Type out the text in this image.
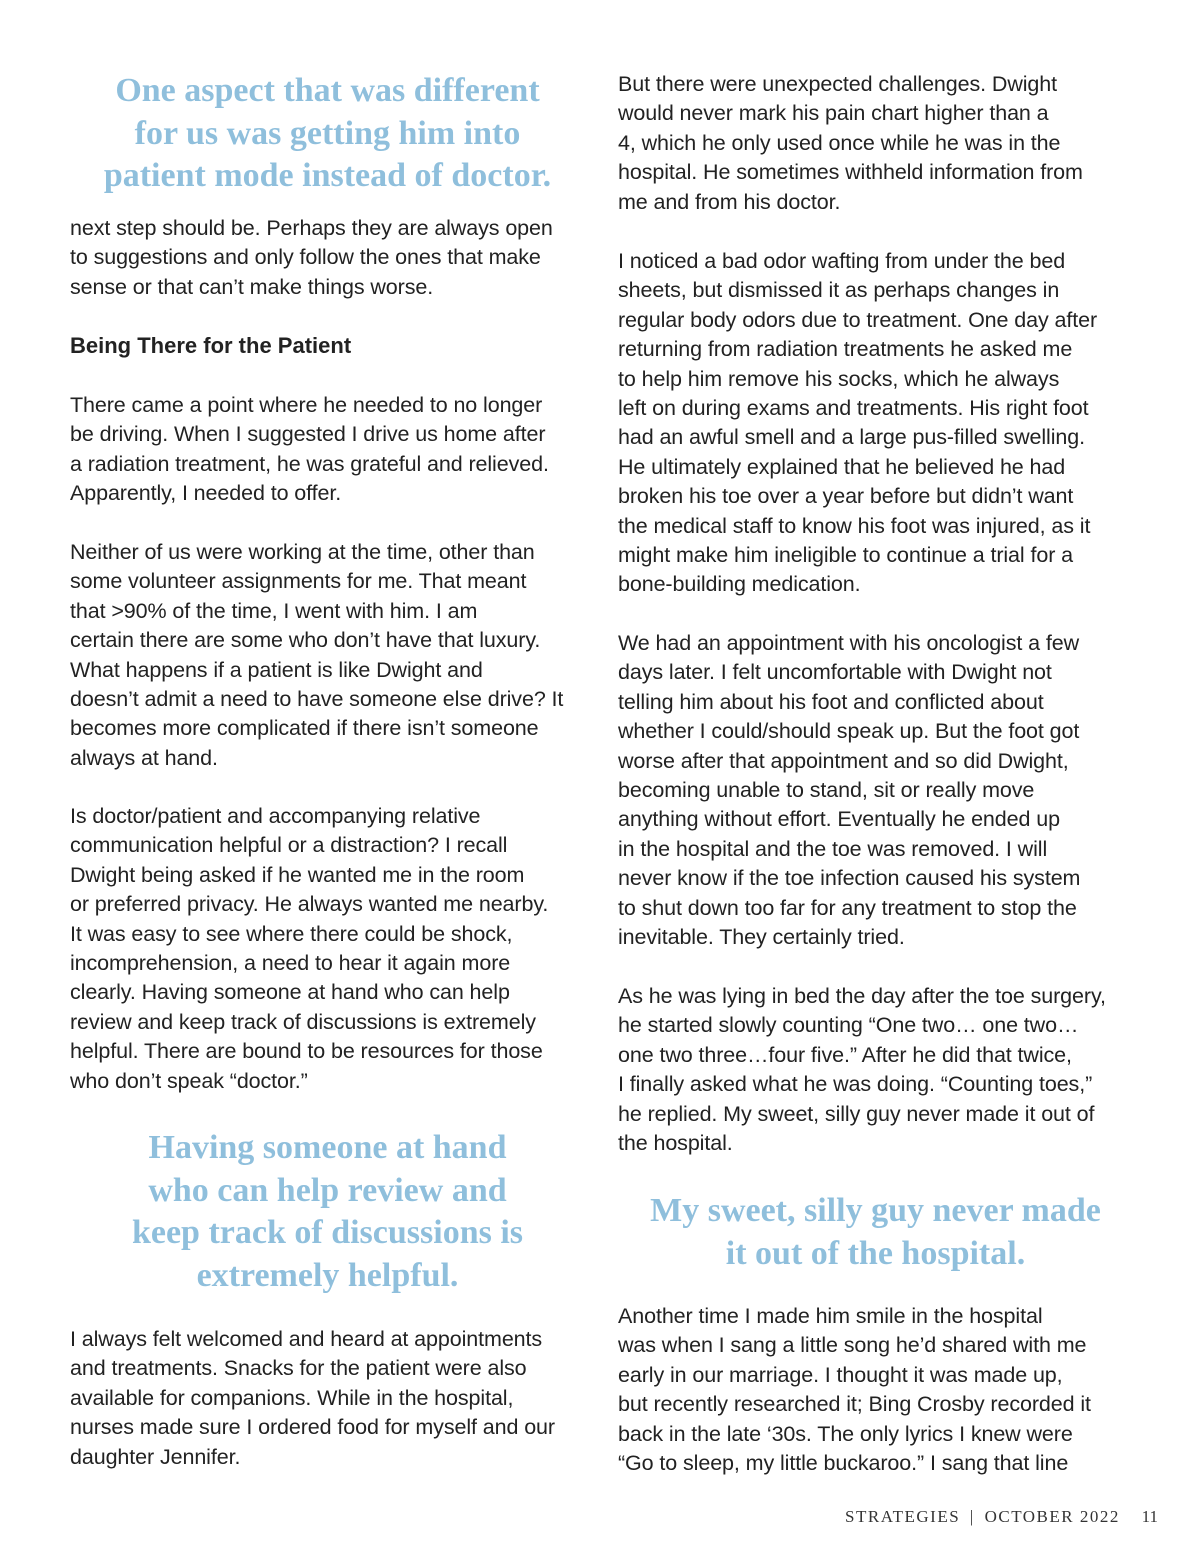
One aspect that was different
for us was getting him into
patient mode instead of doctor.

next step should be. Perhaps they are always open
to suggestions and only follow the ones that make
sense or that can’t make things worse.

Being There for the Patient

There came a point where he needed to no longer
be driving. When I suggested I drive us home after
a radiation treatment, he was grateful and relieved.
Apparently, I needed to offer.

Neither of us were working at the time, other than
some volunteer assignments for me. That meant
that >90% of the time, I went with him. I am
certain there are some who don’t have that luxury.
What happens if a patient is like Dwight and
doesn’t admit a need to have someone else drive? It
becomes more complicated if there isn’t someone
always at hand.

Is doctor/patient and accompanying relative
communication helpful or a distraction? I recall
Dwight being asked if he wanted me in the room
or preferred privacy. He always wanted me nearby.
It was easy to see where there could be shock,
incomprehension, a need to hear it again more
clearly. Having someone at hand who can help
review and keep track of discussions is extremely
helpful. There are bound to be resources for those
who don’t speak “doctor.”

Having someone at hand
who can help review and
keep track of discussions is
extremely helpful.

I always felt welcomed and heard at appointments
and treatments. Snacks for the patient were also
available for companions. While in the hospital,
nurses made sure I ordered food for myself and our
daughter Jennifer.

But there were unexpected challenges. Dwight
would never mark his pain chart higher than a
4, which he only used once while he was in the
hospital. He sometimes withheld information from
me and from his doctor.

I noticed a bad odor wafting from under the bed
sheets, but dismissed it as perhaps changes in
regular body odors due to treatment. One day after
returning from radiation treatments he asked me
to help him remove his socks, which he always
left on during exams and treatments. His right foot
had an awful smell and a large pus-filled swelling.
He ultimately explained that he believed he had
broken his toe over a year before but didn’t want
the medical staff to know his foot was injured, as it
might make him ineligible to continue a trial for a
bone-building medication.

We had an appointment with his oncologist a few
days later. I felt uncomfortable with Dwight not
telling him about his foot and conflicted about
whether I could/should speak up. But the foot got
worse after that appointment and so did Dwight,
becoming unable to stand, sit or really move
anything without effort. Eventually he ended up
in the hospital and the toe was removed. I will
never know if the toe infection caused his system
to shut down too far for any treatment to stop the
inevitable. They certainly tried.

As he was lying in bed the day after the toe surgery,
he started slowly counting “One two… one two…
one two three…four five.” After he did that twice,
I finally asked what he was doing. “Counting toes,”
he replied. My sweet, silly guy never made it out of
the hospital.

My sweet, silly guy never made
it out of the hospital.

Another time I made him smile in the hospital
was when I sang a little song he’d shared with me
early in our marriage. I thought it was made up,
but recently researched it; Bing Crosby recorded it
back in the late ‘30s. The only lyrics I knew were
“Go to sleep, my little buckaroo.” I sang that line

STRATEGIES | OCTOBER 2022 11
